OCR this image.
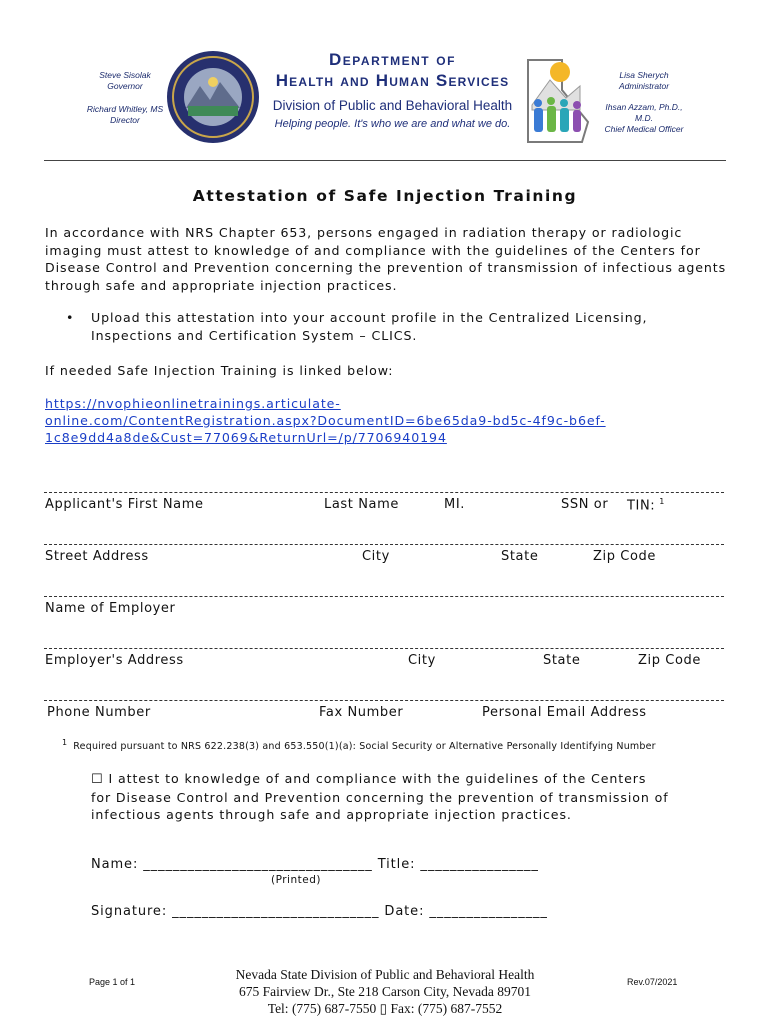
Steve Sisolak
Governor
Richard Whitley, MS
Director
Department of
Health and Human Services
Division of Public and Behavioral Health
Helping people. It's who we are and what we do.
Lisa Sherych
Administrator
Ihsan Azzam, Ph.D., M.D.
Chief Medical Officer
Attestation of Safe Injection Training
In accordance with NRS Chapter 653, persons engaged in radiation therapy or radiologic imaging must attest to knowledge of and compliance with the guidelines of the Centers for Disease Control and Prevention concerning the prevention of transmission of infectious agents through safe and appropriate injection practices.
• Upload this attestation into your account profile in the Centralized Licensing, Inspections and Certification System – CLICS.
If needed Safe Injection Training is linked below:
https://nvophieonlinetrainings.articulate-
online.com/ContentRegistration.aspx?DocumentID=6be65da9-bd5c-4f9c-b6ef-
1c8e9dd4a8de&Cust=77069&ReturnUrl=/p/7706940194
Applicant's First Name	Last Name	MI.	SSN or TIN: $^1$
Street Address	City	State	Zip Code
Name of Employer
Employer's Address	City	State	Zip Code
Phone Number	Fax Number	Personal Email Address
$^1$ Required pursuant to NRS 622.238(3) and 653.550(1)(a): Social Security or Alternative Personally Identifying Number
☐ I attest to knowledge of and compliance with the guidelines of the Centers for Disease Control and Prevention concerning the prevention of transmission of infectious agents through safe and appropriate injection practices.
Name: _______________________________ Title: ________________
(Printed)
Signature: ____________________________ Date: ________________
Page 1 of 1	Nevada State Division of Public and Behavioral Health
675 Fairview Dr., Ste 218 Carson City, Nevada 89701
Tel: (775) 687-7550 ▯ Fax: (775) 687-7552
Rev.07/2021
